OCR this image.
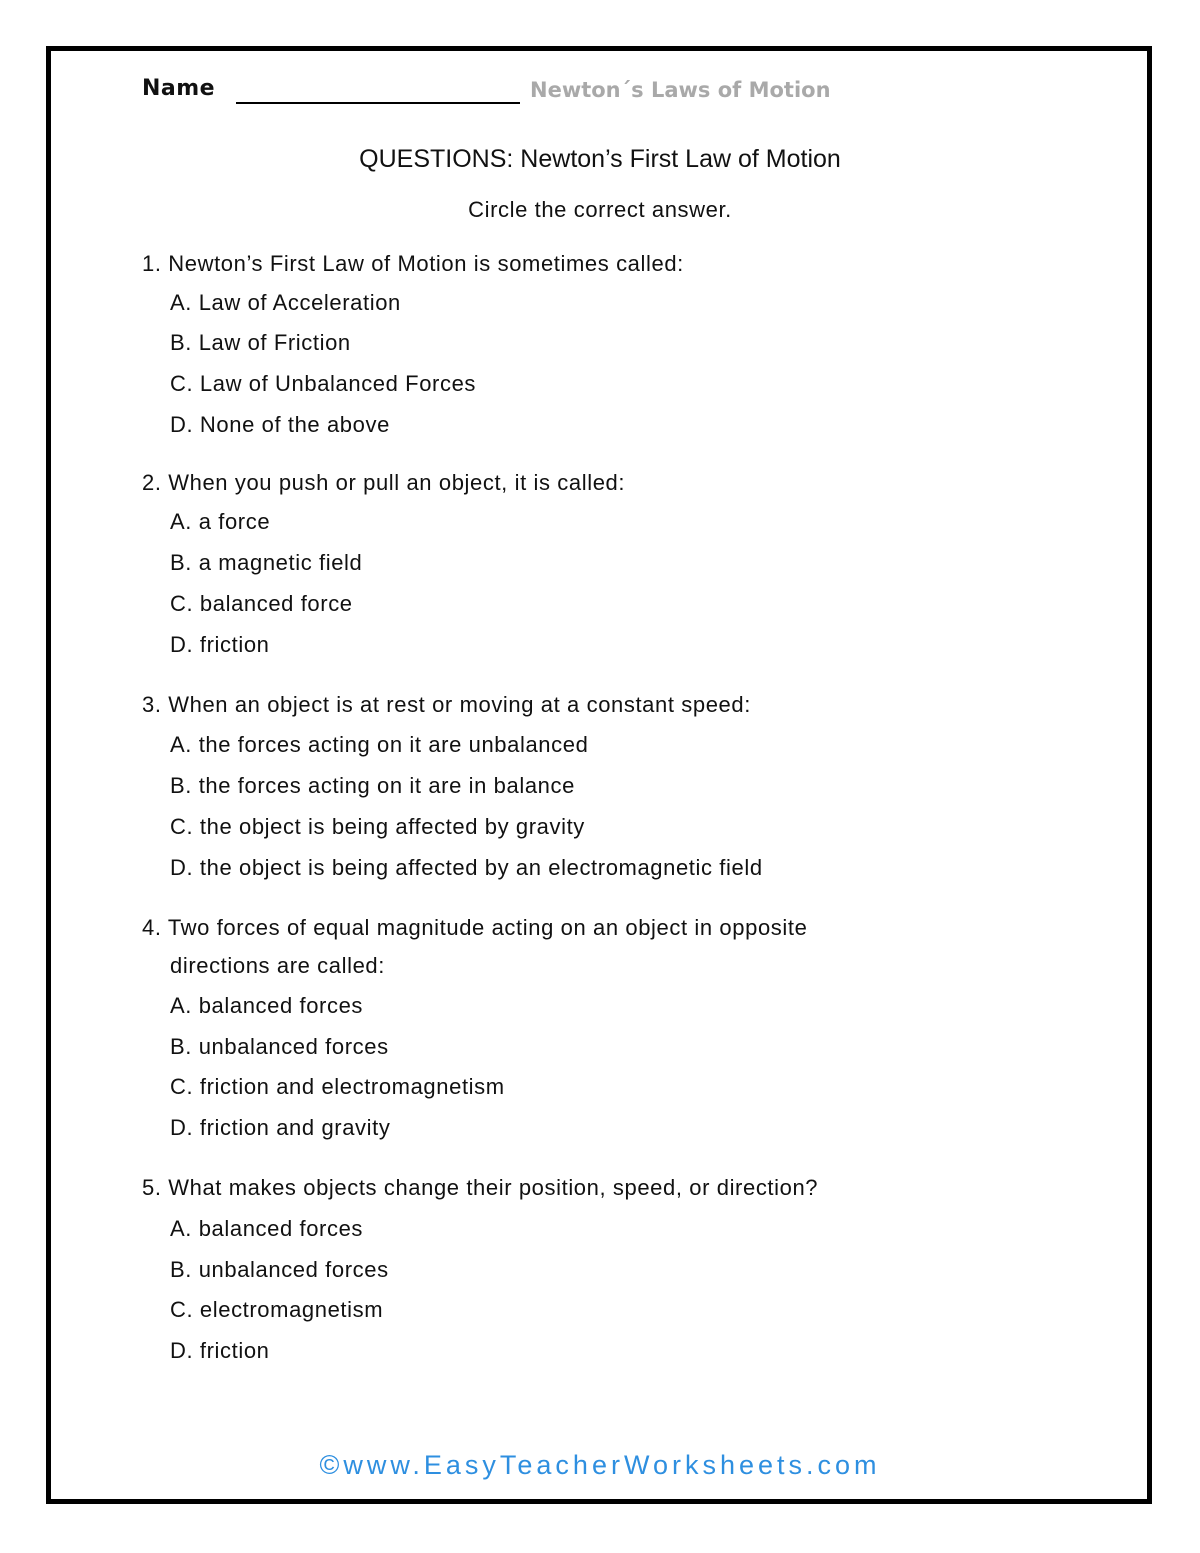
Name	Newton´s Laws of Motion
QUESTIONS: Newton’s First Law of Motion
Circle the correct answer.
1. Newton’s First Law of Motion is sometimes called:
A. Law of Acceleration
B. Law of Friction
C. Law of Unbalanced Forces
D. None of the above
2. When you push or pull an object, it is called:
A. a force
B. a magnetic field
C. balanced force
D. friction
3. When an object is at rest or moving at a constant speed:
A. the forces acting on it are unbalanced
B. the forces acting on it are in balance
C. the object is being affected by gravity
D. the object is being affected by an electromagnetic field
4. Two forces of equal magnitude acting on an object in opposite
directions are called:
A. balanced forces
B. unbalanced forces
C. friction and electromagnetism
D. friction and gravity
5. What makes objects change their position, speed, or direction?
A. balanced forces
B. unbalanced forces
C. electromagnetism
D. friction
©www.EasyTeacherWorksheets.com
